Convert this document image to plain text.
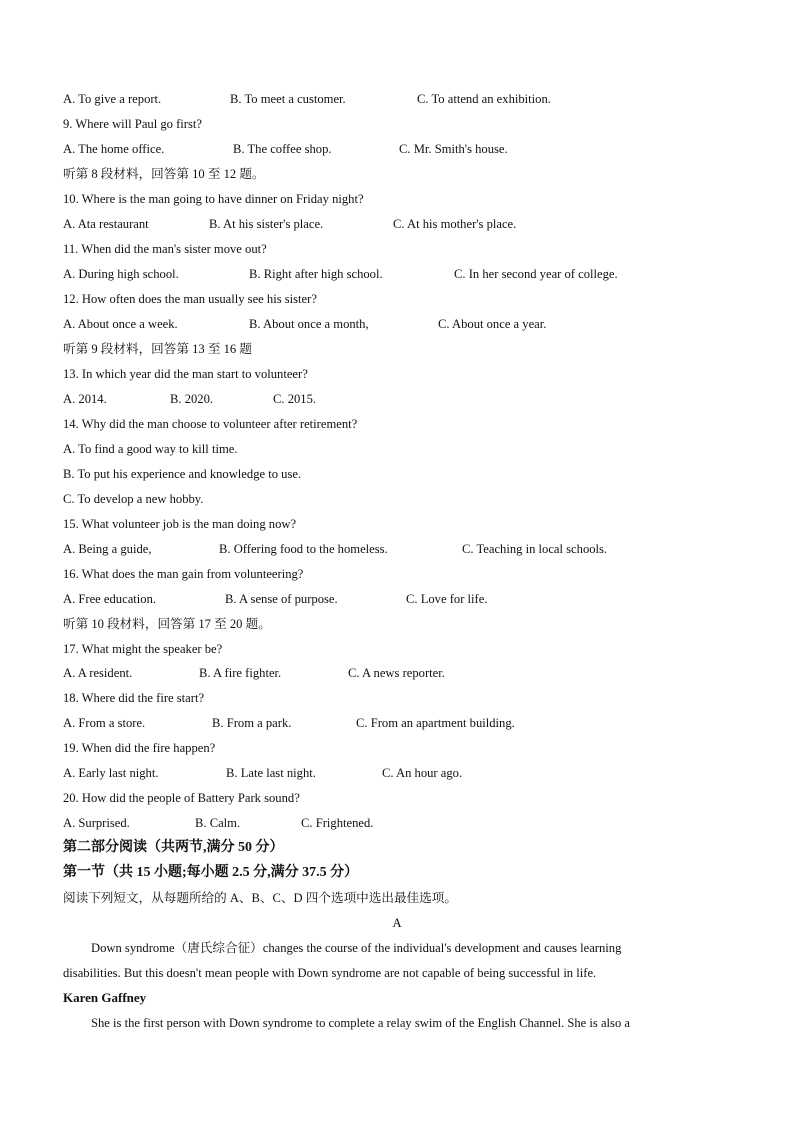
A. To give a report.	B. To meet a customer.	C. To attend an exhibition.
9. Where will Paul go first?
A. The home office.	B. The coffee shop.	C. Mr. Smith's house.
听第 8 段材料，回答第 10 至 12 题。
10. Where is the man going to have dinner on Friday night?
A. Ata restaurant	B. At his sister's place.	C. At his mother's place.
11. When did the man's sister move out?
A. During high school.	B. Right after high school.	C. In her second year of college.
12. How often does the man usually see his sister?
A. About once a week.	B. About once a month,	C. About once a year.
听第 9 段材料，回答第 13 至 16 题
13. In which year did the man start to volunteer?
A. 2014.	B. 2020.	C. 2015.
14. Why did the man choose to volunteer after retirement?
A. To find a good way to kill time.
B. To put his experience and knowledge to use.
C. To develop a new hobby.
15. What volunteer job is the man doing now?
A. Being a guide,	B. Offering food to the homeless.	C. Teaching in local schools.
16. What does the man gain from volunteering?
A. Free education.	B. A sense of purpose.	C. Love for life.
听第 10 段材料，回答第 17 至 20 题。
17. What might the speaker be?
A. A resident.	B. A fire fighter.	C. A news reporter.
18. Where did the fire start?
A. From a store.	B. From a park.	C. From an apartment building.
19. When did the fire happen?
A. Early last night.	B. Late last night.	C. An hour ago.
20. How did the people of Battery Park sound?
A. Surprised.	B. Calm.	C. Frightened.
第二部分阅读（共两节,满分 50 分）
第一节（共 15 小题;每小题 2.5 分,满分 37.5 分）
阅读下列短文，从每题所给的 A、B、C、D 四个选项中选出最佳选项。
A
Down syndrome（唐氏综合征）changes the course of the individual's development and causes learning
disabilities. But this doesn't mean people with Down syndrome are not capable of being successful in life.
Karen Gaffney
She is the first person with Down syndrome to complete a relay swim of the English Channel. She is also a
